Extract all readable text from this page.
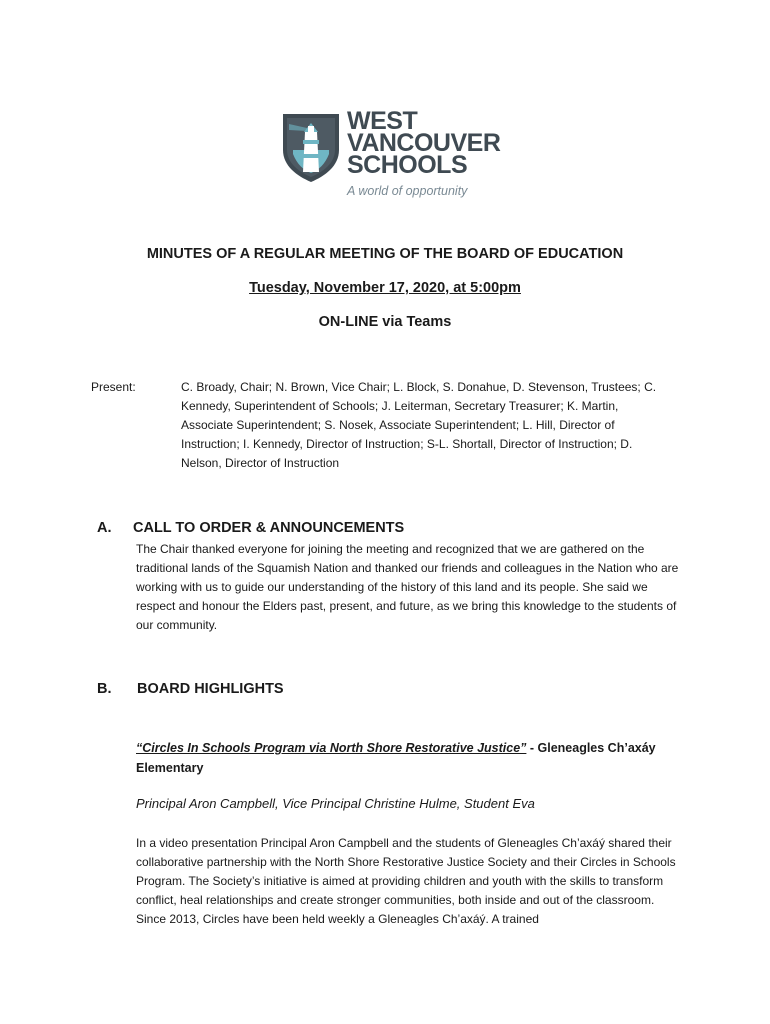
WEST
VANCOUVER
SCHOOLS
A world of opportunity
MINUTES OF A REGULAR MEETING OF THE BOARD OF EDUCATION
Tuesday, November 17, 2020, at 5:00pm
ON-LINE via Teams
Present:	C. Broady, Chair; N. Brown, Vice Chair; L. Block, S. Donahue, D. Stevenson, Trustees; C. Kennedy, Superintendent of Schools; J. Leiterman, Secretary Treasurer; K. Martin, Associate Superintendent; S. Nosek, Associate Superintendent; L. Hill, Director of Instruction; I. Kennedy, Director of Instruction; S-L. Shortall, Director of Instruction; D. Nelson, Director of Instruction
A. CALL TO ORDER & ANNOUNCEMENTS
The Chair thanked everyone for joining the meeting and recognized that we are gathered on the traditional lands of the Squamish Nation and thanked our friends and colleagues in the Nation who are working with us to guide our understanding of the history of this land and its people. She said we respect and honour the Elders past, present, and future, as we bring this knowledge to the students of our community.
B. BOARD HIGHLIGHTS
“Circles In Schools Program via North Shore Restorative Justice” - Gleneagles Ch’axá́y Elementary
Principal Aron Campbell, Vice Principal Christine Hulme, Student Eva
In a video presentation Principal Aron Campbell and the students of Gleneagles Ch’axáý shared their collaborative partnership with the North Shore Restorative Justice Society and their Circles in Schools Program. The Society’s initiative is aimed at providing children and youth with the skills to transform conflict, heal relationships and create stronger communities, both inside and out of the classroom. Since 2013, Circles have been held weekly a Gleneagles Ch’axáý. A trained
